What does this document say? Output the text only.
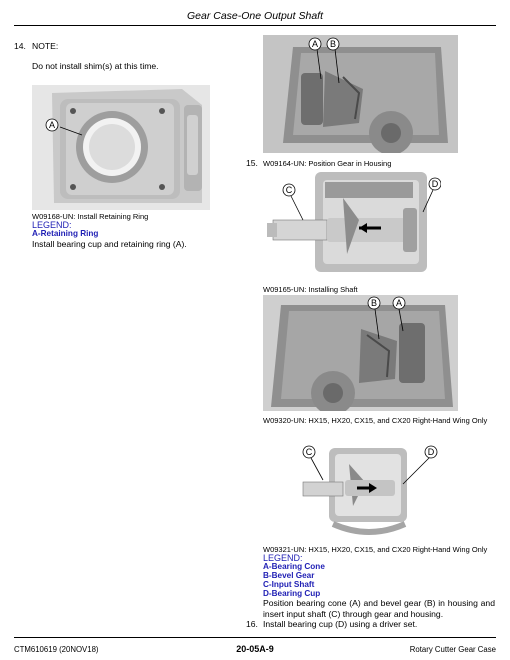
Gear Case-One Output Shaft
14. NOTE:
Do not install shim(s) at this time.
A
W09168-UN: Install Retaining Ring
LEGEND:
A-Retaining Ring
Install bearing cup and retaining ring (A).
A B
15. W09164-UN: Position Gear in Housing
C
D
W09165-UN: Installing Shaft
B A
W09320-UN: HX15, HX20, CX15, and CX20 Right-Hand Wing Only
C	D
W09321-UN: HX15, HX20, CX15, and CX20 Right-Hand Wing Only
LEGEND:
A-Bearing Cone
B-Bevel Gear
C-Input Shaft
D-Bearing Cup
Position bearing cone (A) and bevel gear (B) in housing and insert input shaft (C) through gear and housing.
16. Install bearing cup (D) using a driver set.
CTM610619 (20NOV18)	20-05A-9	Rotary Cutter Gear Case
